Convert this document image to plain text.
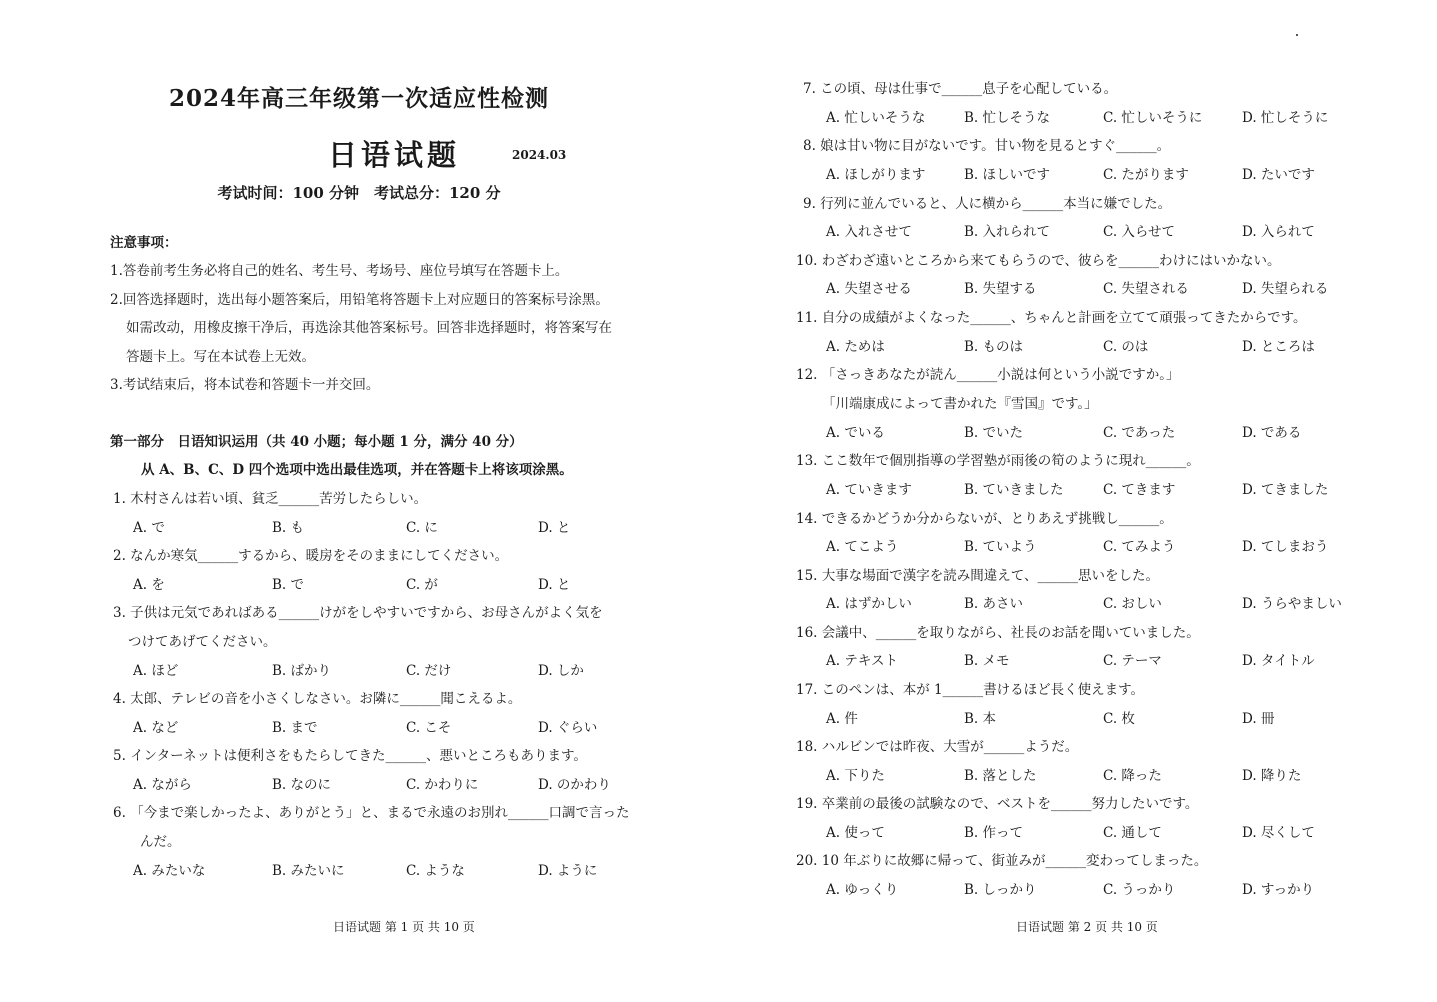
2024年高三年级第一次适应性检测
日语试题	2024.03
考试时间：100 分钟　考试总分：120 分
注意事项：
1.答卷前考生务必将自己的姓名、考生号、考场号、座位号填写在答题卡上。
2.回答选择题时，选出每小题答案后，用铅笔将答题卡上对应题日的答案标号涂黑。
如需改动，用橡皮擦干净后，再选涂其他答案标号。回答非选择题时，将答案写在
答题卡上。写在本试卷上无效。
3.考试结束后，将本试卷和答题卡一并交回。
第一部分　日语知识运用（共 40 小题；每小题 1 分，满分 40 分）
从 A、B、C、D 四个选项中选出最佳选项，并在答题卡上将该项涂黑。
1. 木村さんは若い頃、貧乏______苦労したらしい。
A. で	B. も	C. に	D. と
2. なんか寒気______するから、暖房をそのままにしてください。
A. を	B. で	C. が	D. と
3. 子供は元気であればある______けがをしやすいですから、お母さんがよく気を
つけてあげてください。
A. ほど	B. ばかり	C. だけ	D. しか
4. 太郎、テレビの音を小さくしなさい。お隣に______聞こえるよ。
A. など	B. まで	C. こそ	D. ぐらい
5. インターネットは便利さをもたらしてきた______、悪いところもあります。
A. ながら	B. なのに	C. かわりに	D. のかわり
6. 「今まで楽しかったよ、ありがとう」と、まるで永遠のお別れ______口調で言った
んだ。
A. みたいな	B. みたいに	C. ような	D. ように
日语试题 第 1 页 共 10 页
7. この頃、母は仕事で______息子を心配している。
A. 忙しいそうな	B. 忙しそうな	C. 忙しいそうに	D. 忙しそうに
8. 娘は甘い物に目がないです。甘い物を見るとすぐ______。
A. ほしがります	B. ほしいです	C. たがります	D. たいです
9. 行列に並んでいると、人に横から______本当に嫌でした。
A. 入れさせて	B. 入れられて	C. 入らせて	D. 入られて
10. わざわざ遠いところから来てもらうので、彼らを______わけにはいかない。
A. 失望させる	B. 失望する	C. 失望される	D. 失望られる
11. 自分の成績がよくなった______、ちゃんと計画を立てて頑張ってきたからです。
A. ためは	B. ものは	C. のは	D. ところは
12. 「さっきあなたが読ん______小説は何という小説ですか。」
「川端康成によって書かれた『雪国』です。」
A. でいる	B. でいた	C. であった	D. である
13. ここ数年で個別指導の学習塾が雨後の筍のように現れ______。
A. ていきます	B. ていきました	C. てきます	D. てきました
14. できるかどうか分からないが、とりあえず挑戦し______。
A. てこよう	B. ていよう	C. てみよう	D. てしまおう
15. 大事な場面で漢字を読み間違えて、______思いをした。
A. はずかしい	B. あさい	C. おしい	D. うらやましい
16. 会議中、______を取りながら、社長のお話を聞いていました。
A. テキスト	B. メモ	C. テーマ	D. タイトル
17. このペンは、本が 1______書けるほど長く使えます。
A. 件	B. 本	C. 枚	D. 冊
18. ハルビンでは昨夜、大雪が______ようだ。
A. 下りた	B. 落とした	C. 降った	D. 降りた
19. 卒業前の最後の試験なので、ベストを______努力したいです。
A. 使って	B. 作って	C. 通して	D. 尽くして
20. 10 年ぶりに故郷に帰って、街並みが______変わってしまった。
A. ゆっくり	B. しっかり	C. うっかり	D. すっかり
日语试题 第 2 页 共 10 页
